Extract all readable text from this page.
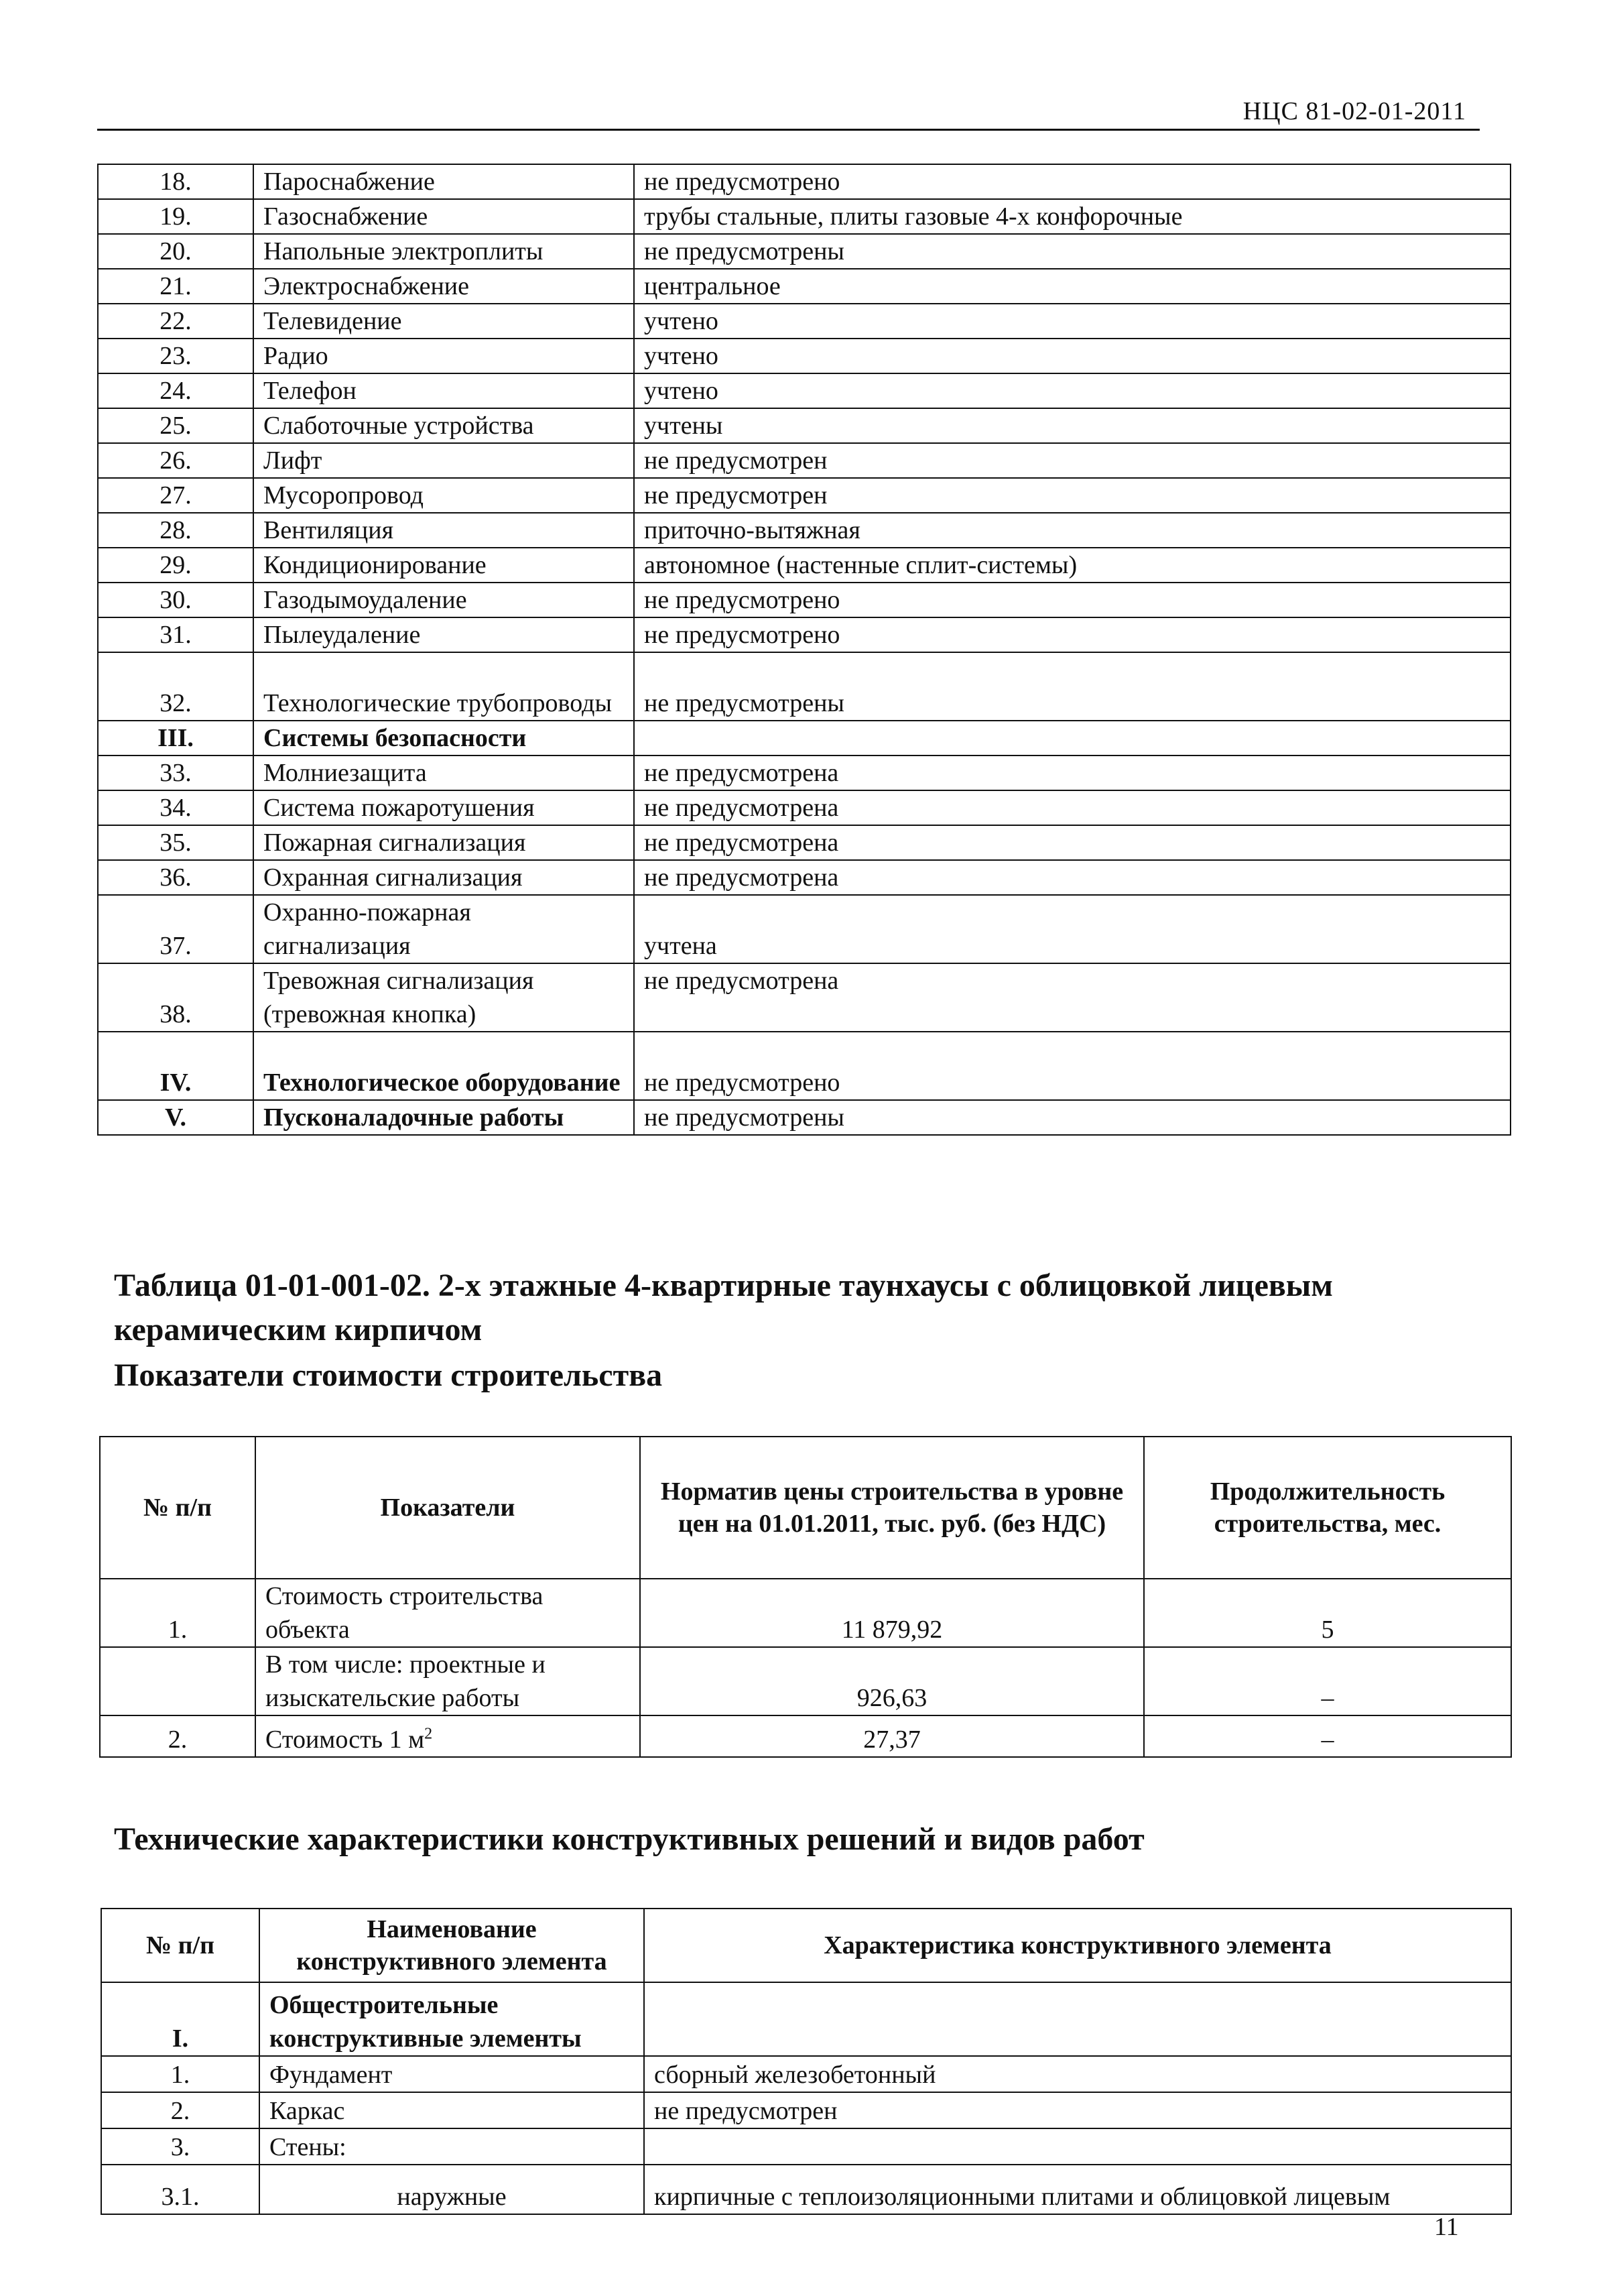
НЦС 81-02-01-2011
18.	Пароснабжение	не предусмотрено
19.	Газоснабжение	трубы стальные, плиты газовые 4-х конфорочные
20.	Напольные электроплиты	не предусмотрены
21.	Электроснабжение	центральное
22.	Телевидение	учтено
23.	Радио	учтено
24.	Телефон	учтено
25.	Слаботочные устройства	учтены
26.	Лифт	не предусмотрен
27.	Мусоропровод	не предусмотрен
28.	Вентиляция	приточно-вытяжная
29.	Кондиционирование	автономное (настенные сплит-системы)
30.	Газодымоудаление	не предусмотрено
31.	Пылеудаление	не предусмотрено
32.	Технологические трубопроводы	не предусмотрены
III.	Системы безопасности	
33.	Молниезащита	не предусмотрена
34.	Система пожаротушения	не предусмотрена
35.	Пожарная сигнализация	не предусмотрена
36.	Охранная сигнализация	не предусмотрена
37.	Охранно-пожарная сигнализация	учтена
38.	Тревожная сигнализация (тревожная кнопка)	не предусмотрена
IV.	Технологическое оборудование	не предусмотрено
V.	Пусконаладочные работы	не предусмотрены
Таблица 01-01-001-02. 2-х этажные 4-квартирные таунхаусы с облицовкой лицевым керамическим кирпичом
Показатели стоимости строительства
№ п/п	Показатели	Норматив цены строительства в уровне цен на 01.01.2011, тыс. руб. (без НДС)	Продолжительность строительства, мес.
1.	Стоимость строительства объекта	11 879,92	5
	В том числе: проектные и изыскательские работы	926,63	–
2.	Стоимость 1 $м^2$	27,37	–
Технические характеристики конструктивных решений и видов работ
№ п/п	Наименование конструктивного элемента	Характеристика конструктивного элемента
I.	Общестроительные конструктивные элементы	
1.	Фундамент	сборный железобетонный
2.	Каркас	не предусмотрен
3.	Стены:	
3.1.	наружные	кирпичные с теплоизоляционными плитами и облицовкой лицевым
11
